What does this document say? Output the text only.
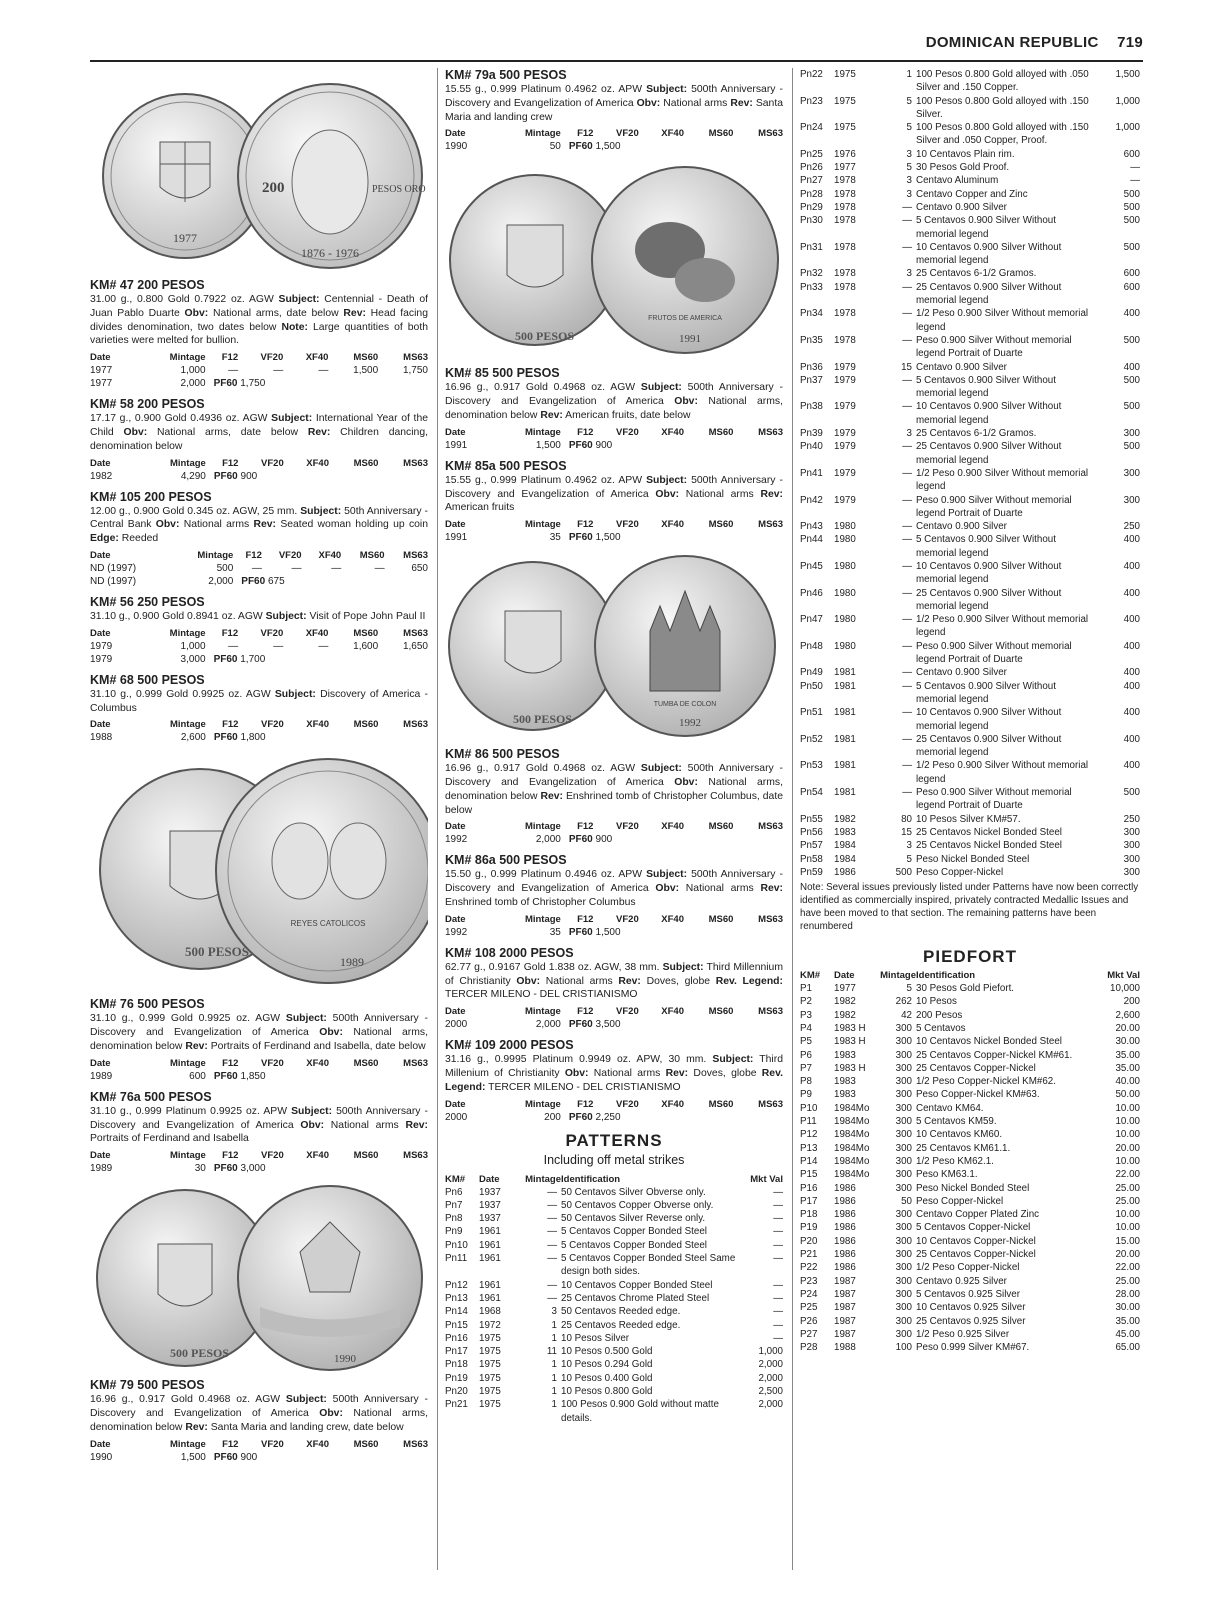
DOMINICAN REPUBLIC 719
1977
200	PESOS ORO
1876 - 1976
KM# 47 200 PESOS

31.00 g., 0.800 Gold 0.7922 oz. AGW Subject: Centennial - Death of Juan Pablo Duarte Obv: National arms, date below Rev: Head facing divides denomination, two dates below Note: Large quantities of both varieties were melted for bullion.

Date	Mintage	F12	VF20	XF40	MS60	MS63
1977	1,000	—	—	—	1,500	1,750
1977	2,000	PF60 1,750				
KM# 58 200 PESOS

17.17 g., 0.900 Gold 0.4936 oz. AGW Subject: International Year of the Child Obv: National arms, date below Rev: Children dancing, denomination below

Date	Mintage	F12	VF20	XF40	MS60	MS63
1982	4,290	PF60 900				
KM# 105 200 PESOS

12.00 g., 0.900 Gold 0.345 oz. AGW, 25 mm. Subject: 50th Anniversary - Central Bank Obv: National arms Rev: Seated woman holding up coin Edge: Reeded

Date	Mintage	F12	VF20	XF40	MS60	MS63
ND (1997)	500	—	—	—	—	650
ND (1997)	2,000	PF60 675				
KM# 56 250 PESOS

31.10 g., 0.900 Gold 0.8941 oz. AGW Subject: Visit of Pope John Paul II

Date	Mintage	F12	VF20	XF40	MS60	MS63
1979	1,000	—	—	—	1,600	1,650
1979	3,000	PF60 1,700				
KM# 68 500 PESOS

31.10 g., 0.999 Gold 0.9925 oz. AGW Subject: Discovery of America - Columbus

Date	Mintage	F12	VF20	XF40	MS60	MS63
1988	2,600	PF60 1,800				
500 PESOS
REYES CATOLICOS
1989
KM# 76 500 PESOS

31.10 g., 0.999 Gold 0.9925 oz. AGW Subject: 500th Anniversary - Discovery and Evangelization of America Obv: National arms, denomination below Rev: Portraits of Ferdinand and Isabella, date below

Date	Mintage	F12	VF20	XF40	MS60	MS63
1989	600	PF60 1,850				
KM# 76a 500 PESOS

31.10 g., 0.999 Platinum 0.9925 oz. APW Subject: 500th Anniversary - Discovery and Evangelization of America Obv: National arms Rev: Portraits of Ferdinand and Isabella

Date	Mintage	F12	VF20	XF40	MS60	MS63
1989	30	PF60 3,000				
500 PESOS	1990
KM# 79 500 PESOS

16.96 g., 0.917 Gold 0.4968 oz. AGW Subject: 500th Anniversary - Discovery and Evangelization of America Obv: National arms, denomination below Rev: Santa Maria and landing crew, date below

Date	Mintage	F12	VF20	XF40	MS60	MS63
1990	1,500	PF60 900				
KM# 79a 500 PESOS

15.55 g., 0.999 Platinum 0.4962 oz. APW Subject: 500th Anniversary - Discovery and Evangelization of America Obv: National arms Rev: Santa Maria and landing crew

Date	Mintage	F12	VF20	XF40	MS60	MS63
1990	50	PF60 1,500				
500 PESOS
FRUTOS DE AMERICA
1991
KM# 85 500 PESOS

16.96 g., 0.917 Gold 0.4968 oz. AGW Subject: 500th Anniversary - Discovery and Evangelization of America Obv: National arms, denomination below Rev: American fruits, date below

Date	Mintage	F12	VF20	XF40	MS60	MS63
1991	1,500	PF60 900				
KM# 85a 500 PESOS

15.55 g., 0.999 Platinum 0.4962 oz. APW Subject: 500th Anniversary - Discovery and Evangelization of America Obv: National arms Rev: American fruits

Date	Mintage	F12	VF20	XF40	MS60	MS63
1991	35	PF60 1,500				
500 PESOS
TUMBA DE COLON
1992
KM# 86 500 PESOS

16.96 g., 0.917 Gold 0.4968 oz. AGW Subject: 500th Anniversary - Discovery and Evangelization of America Obv: National arms, denomination below Rev: Enshrined tomb of Christopher Columbus, date below

Date	Mintage	F12	VF20	XF40	MS60	MS63
1992	2,000	PF60 900				
KM# 86a 500 PESOS

15.50 g., 0.999 Platinum 0.4946 oz. APW Subject: 500th Anniversary - Discovery and Evangelization of America Obv: National arms Rev: Enshrined tomb of Christopher Columbus

Date	Mintage	F12	VF20	XF40	MS60	MS63
1992	35	PF60 1,500				
KM# 108 2000 PESOS

62.77 g., 0.9167 Gold 1.838 oz. AGW, 38 mm. Subject: Third Millennium of Christianity Obv: National arms Rev: Doves, globe Rev. Legend: TERCER MILENO - DEL CRISTIANISMO

Date	Mintage	F12	VF20	XF40	MS60	MS63
2000	2,000	PF60 3,500				
KM# 109 2000 PESOS

31.16 g., 0.9995 Platinum 0.9949 oz. APW, 30 mm. Subject: Third Millenium of Christianity Obv: National arms Rev: Doves, globe Rev. Legend: TERCER MILENO - DEL CRISTIANISMO

Date	Mintage	F12	VF20	XF40	MS60	MS63
2000	200	PF60 2,250				
PATTERNS
Including off metal strikes
KM#	Date	Mintage	Identification	Mkt Val
Pn6	1937	—	50 Centavos Silver Obverse only.	—
Pn7	1937	—	50 Centavos Copper Obverse only.	—
Pn8	1937	—	50 Centavos Silver Reverse only.	—
Pn9	1961	—	5 Centavos Copper Bonded Steel	—
Pn10	1961	—	5 Centavos Copper Bonded Steel	—
Pn11	1961	—	5 Centavos Copper Bonded Steel Same design both sides.	—
Pn12	1961	—	10 Centavos Copper Bonded Steel	—
Pn13	1961	—	25 Centavos Chrome Plated Steel	—
Pn14	1968	3	50 Centavos Reeded edge.	—
Pn15	1972	1	25 Centavos Reeded edge.	—
Pn16	1975	1	10 Pesos Silver	—
Pn17	1975	11	10 Pesos 0.500 Gold	1,000
Pn18	1975	1	10 Pesos 0.294 Gold	2,000
Pn19	1975	1	10 Pesos 0.400 Gold	2,000
Pn20	1975	1	10 Pesos 0.800 Gold	2,500
Pn21	1975	1	100 Pesos 0.900 Gold without matte details.	2,000
Pn22	1975	1	100 Pesos 0.800 Gold alloyed with .050 Silver and .150 Copper.	1,500
Pn23	1975	5	100 Pesos 0.800 Gold alloyed with .150 Silver.	1,000
Pn24	1975	5	100 Pesos 0.800 Gold alloyed with .150 Silver and .050 Copper, Proof.	1,000
Pn25	1976	3	10 Centavos Plain rim.	600
Pn26	1977	5	30 Pesos Gold Proof.	—
Pn27	1978	3	Centavo Aluminum	—
Pn28	1978	3	Centavo Copper and Zinc	500
Pn29	1978	—	Centavo 0.900 Silver	500
Pn30	1978	—	5 Centavos 0.900 Silver Without memorial legend	500
Pn31	1978	—	10 Centavos 0.900 Silver Without memorial legend	500
Pn32	1978	3	25 Centavos 6-1/2 Gramos.	600
Pn33	1978	—	25 Centavos 0.900 Silver Without memorial legend	600
Pn34	1978	—	1/2 Peso 0.900 Silver Without memorial legend	400
Pn35	1978	—	Peso 0.900 Silver Without memorial legend Portrait of Duarte	500
Pn36	1979	15	Centavo 0.900 Silver	400
Pn37	1979	—	5 Centavos 0.900 Silver Without memorial legend	500
Pn38	1979	—	10 Centavos 0.900 Silver Without memorial legend	500
Pn39	1979	3	25 Centavos 6-1/2 Gramos.	300
Pn40	1979	—	25 Centavos 0.900 Silver Without memorial legend	500
Pn41	1979	—	1/2 Peso 0.900 Silver Without memorial legend	300
Pn42	1979	—	Peso 0.900 Silver Without memorial legend Portrait of Duarte	300
Pn43	1980	—	Centavo 0.900 Silver	250
Pn44	1980	—	5 Centavos 0.900 Silver Without memorial legend	400
Pn45	1980	—	10 Centavos 0.900 Silver Without memorial legend	400
Pn46	1980	—	25 Centavos 0.900 Silver Without memorial legend	400
Pn47	1980	—	1/2 Peso 0.900 Silver Without memorial legend	400
Pn48	1980	—	Peso 0.900 Silver Without memorial legend Portrait of Duarte	400
Pn49	1981	—	Centavo 0.900 Silver	400
Pn50	1981	—	5 Centavos 0.900 Silver Without memorial legend	400
Pn51	1981	—	10 Centavos 0.900 Silver Without memorial legend	400
Pn52	1981	—	25 Centavos 0.900 Silver Without memorial legend	400
Pn53	1981	—	1/2 Peso 0.900 Silver Without memorial legend	400
Pn54	1981	—	Peso 0.900 Silver Without memorial legend Portrait of Duarte	500
Pn55	1982	80	10 Pesos Silver KM#57.	250
Pn56	1983	15	25 Centavos Nickel Bonded Steel	300
Pn57	1984	3	25 Centavos Nickel Bonded Steel	300
Pn58	1984	5	Peso Nickel Bonded Steel	300
Pn59	1986	500	Peso Copper-Nickel	300
Note: Several issues previously listed under Patterns have now been correctly identified as commercially inspired, privately contracted Medallic Issues and have been moved to that section. The remaining patterns have been renumbered
PIEDFORT
KM#	Date	Mintage	Identification	Mkt Val
P1	1977	5	30 Pesos Gold Piefort.	10,000
P2	1982	262	10 Pesos	200
P3	1982	42	200 Pesos	2,600
P4	1983 H	300	5 Centavos	20.00
P5	1983 H	300	10 Centavos Nickel Bonded Steel	30.00
P6	1983	300	25 Centavos Copper-Nickel KM#61.	35.00
P7	1983 H	300	25 Centavos Copper-Nickel	35.00
P8	1983	300	1/2 Peso Copper-Nickel KM#62.	40.00
P9	1983	300	Peso Copper-Nickel KM#63.	50.00
P10	1984Mo	300	Centavo KM64.	10.00
P11	1984Mo	300	5 Centavos KM59.	10.00
P12	1984Mo	300	10 Centavos KM60.	10.00
P13	1984Mo	300	25 Centavos KM61.1.	20.00
P14	1984Mo	300	1/2 Peso KM62.1.	10.00
P15	1984Mo	300	Peso KM63.1.	22.00
P16	1986	300	Peso Nickel Bonded Steel	25.00
P17	1986	50	Peso Copper-Nickel	25.00
P18	1986	300	Centavo Copper Plated Zinc	10.00
P19	1986	300	5 Centavos Copper-Nickel	10.00
P20	1986	300	10 Centavos Copper-Nickel	15.00
P21	1986	300	25 Centavos Copper-Nickel	20.00
P22	1986	300	1/2 Peso Copper-Nickel	22.00
P23	1987	300	Centavo 0.925 Silver	25.00
P24	1987	300	5 Centavos 0.925 Silver	28.00
P25	1987	300	10 Centavos 0.925 Silver	30.00
P26	1987	300	25 Centavos 0.925 Silver	35.00
P27	1987	300	1/2 Peso 0.925 Silver	45.00
P28	1988	100	Peso 0.999 Silver KM#67.	65.00
